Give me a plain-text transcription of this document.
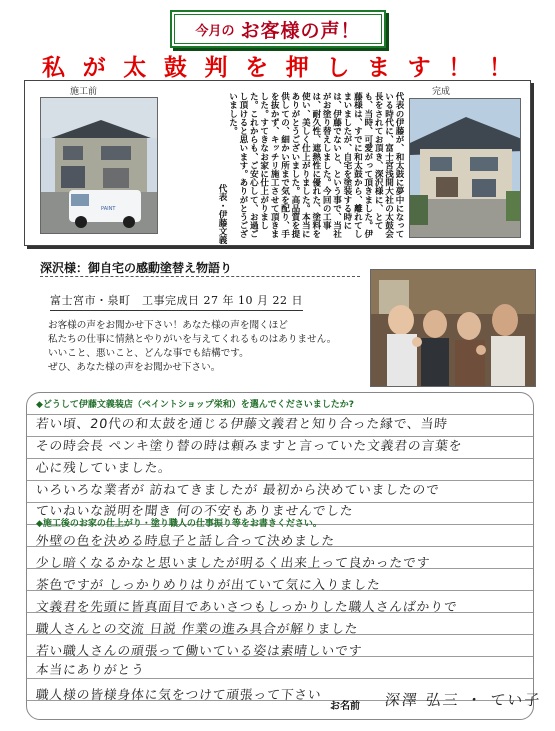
今月の お客様の声！
私 が 太 鼓 判 を 押 し ま す ！ ！
施工前	完成
PAINT	代表の伊藤が、和太鼓に夢中になっている時代に、富士宮浅間大社の太鼓会長をされてお頂き、深沢様に、とても、当時、可愛がって頂きました。伊藤様は、すでに和太鼓から、離れてしまいましたが、自宅を塗装する時には、伊藤でないと、という事で、当社がお塗り替えしました。今回の工事は、耐久性、遮熱性に優れた、塗料を使い、美しく仕上がりました。本当にありがとうございました。高品質を提供しての、細かい所まで気を配り、手を抜かず、キッチリ施工させて頂きました。すてきなお家に仕上がりました。これからも、ご安心して、お過ごし頂けると思います。ありがとうございました。
代表・伊藤文義
深沢様：御自宅の感動塗替え物語り
富士宮市・泉町　工事完成日 27 年 10 月 22 日

お客様の声をお聞かせ下さい！あなた様の声を聞くほど

私たちの仕事に情熱とやりがいを与えてくれるものはありません。

いいこと、悪いこと、どんな事でも結構です。

ぜひ、あなた様の声をお聞かせ下さい。

◆どうして伊藤文義装店（ペイントショップ栄和）を選んでくださいましたか?
若い頃、20代の和太鼓を通じる伊藤文義君と知り合った縁で、当時
その時会長 ペンキ塗り替の時は頼みますと言っていた文義君の言葉を
心に残していました。
いろいろな業者が 訪ねてきましたが 最初から決めていましたので
ていねいな説明を聞き 何の不安もありませんでした
◆施工後のお家の仕上がり・塗り職人の仕事振り等をお書きください。
外壁の色を決める時息子と話し合って決めました
少し暗くなるかなと思いましたが明るく出来上って良かったです
茶色ですが しっかりめりはりが出ていて気に入りました
文義君を先頭に皆真面目であいさつもしっかりした職人さんばかりで
職人さんとの交流 日説 作業の進み具合が解りました
若い職人さんの頑張って働いている姿は素晴しいです
本当にありがとう
職人様の皆様身体に気をつけて頑張って下さい
お名前 深澤 弘三 ・ てい子
